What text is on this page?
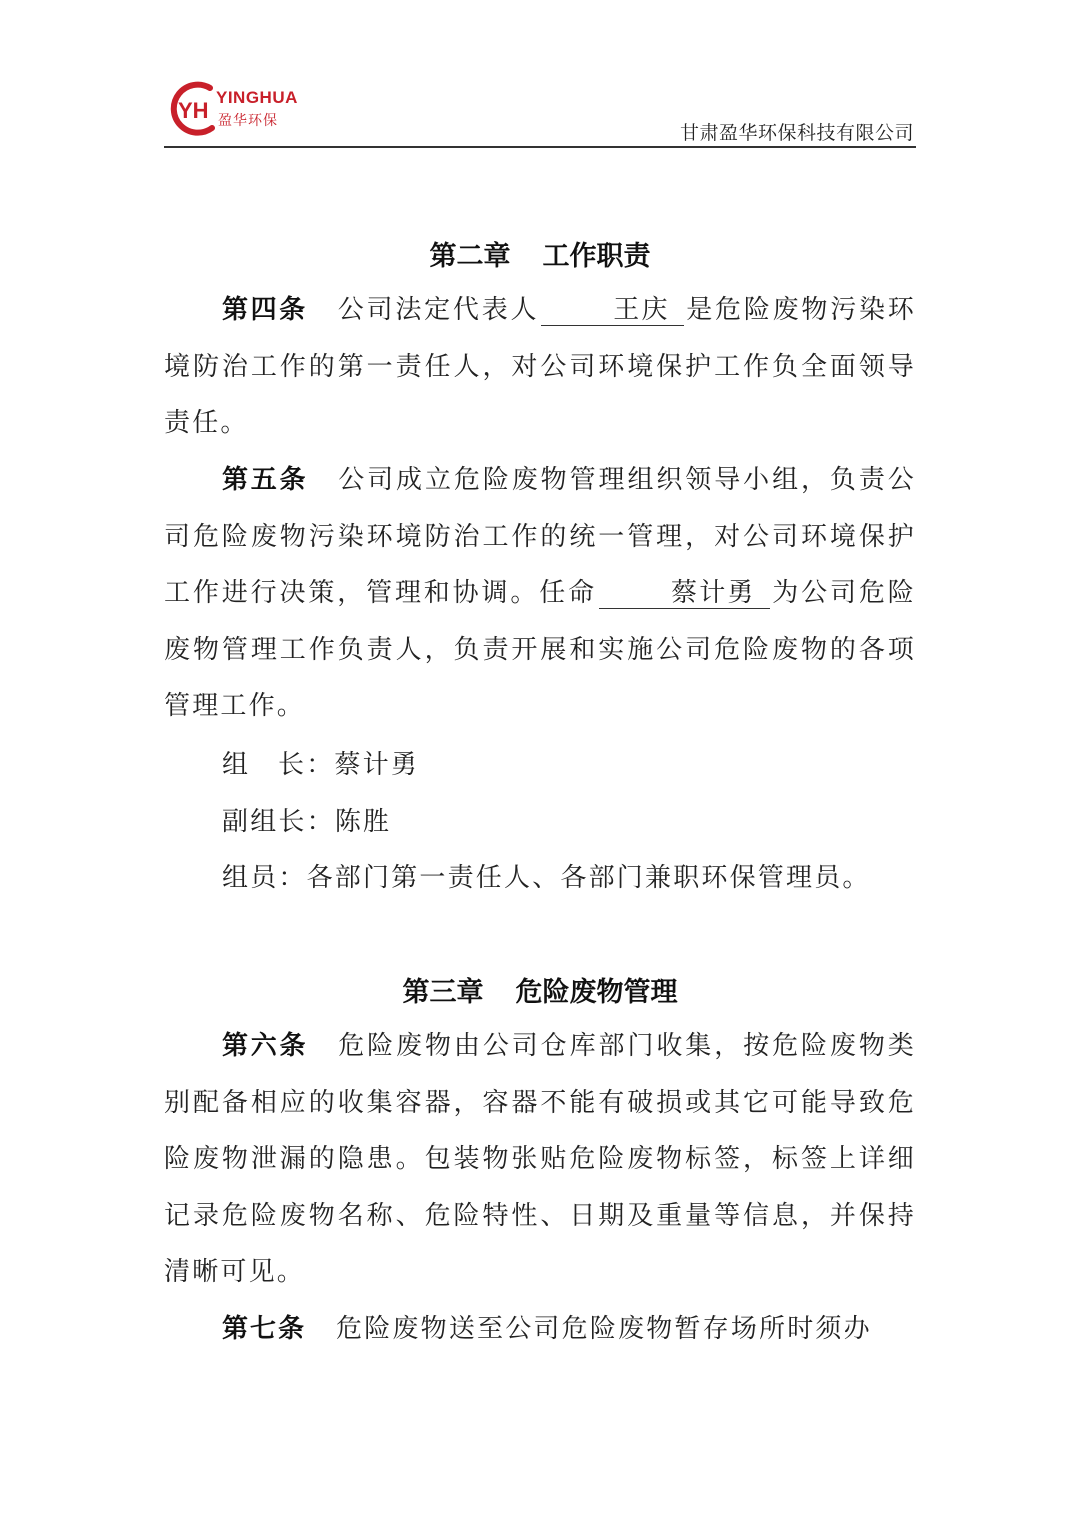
YH
YINGHUA
盈华环保
甘肃盈华环保科技有限公司
第二章 工作职责

第四条 公司法定代表人	王庆 是危险废物污染环境防治工作的第一责任人，对公司环境保护工作负全面领导责任。

第五条 公司成立危险废物管理组织领导小组，负责公司危险废物污染环境防治工作的统一管理，对公司环境保护工作进行决策，管理和协调。任命	蔡计勇 为公司危险废物管理工作负责人，负责开展和实施公司危险废物的各项管理工作。

组长：蔡计勇
副组长：陈胜
组员：各部门第一责任人、各部门兼职环保管理员。
第三章 危险废物管理

第六条 危险废物由公司仓库部门收集，按危险废物类别配备相应的收集容器，容器不能有破损或其它可能导致危险废物泄漏的隐患。包装物张贴危险废物标签，标签上详细记录危险废物名称、危险特性、日期及重量等信息，并保持清晰可见。

第七条 危险废物送至公司危险废物暂存场所时须办
